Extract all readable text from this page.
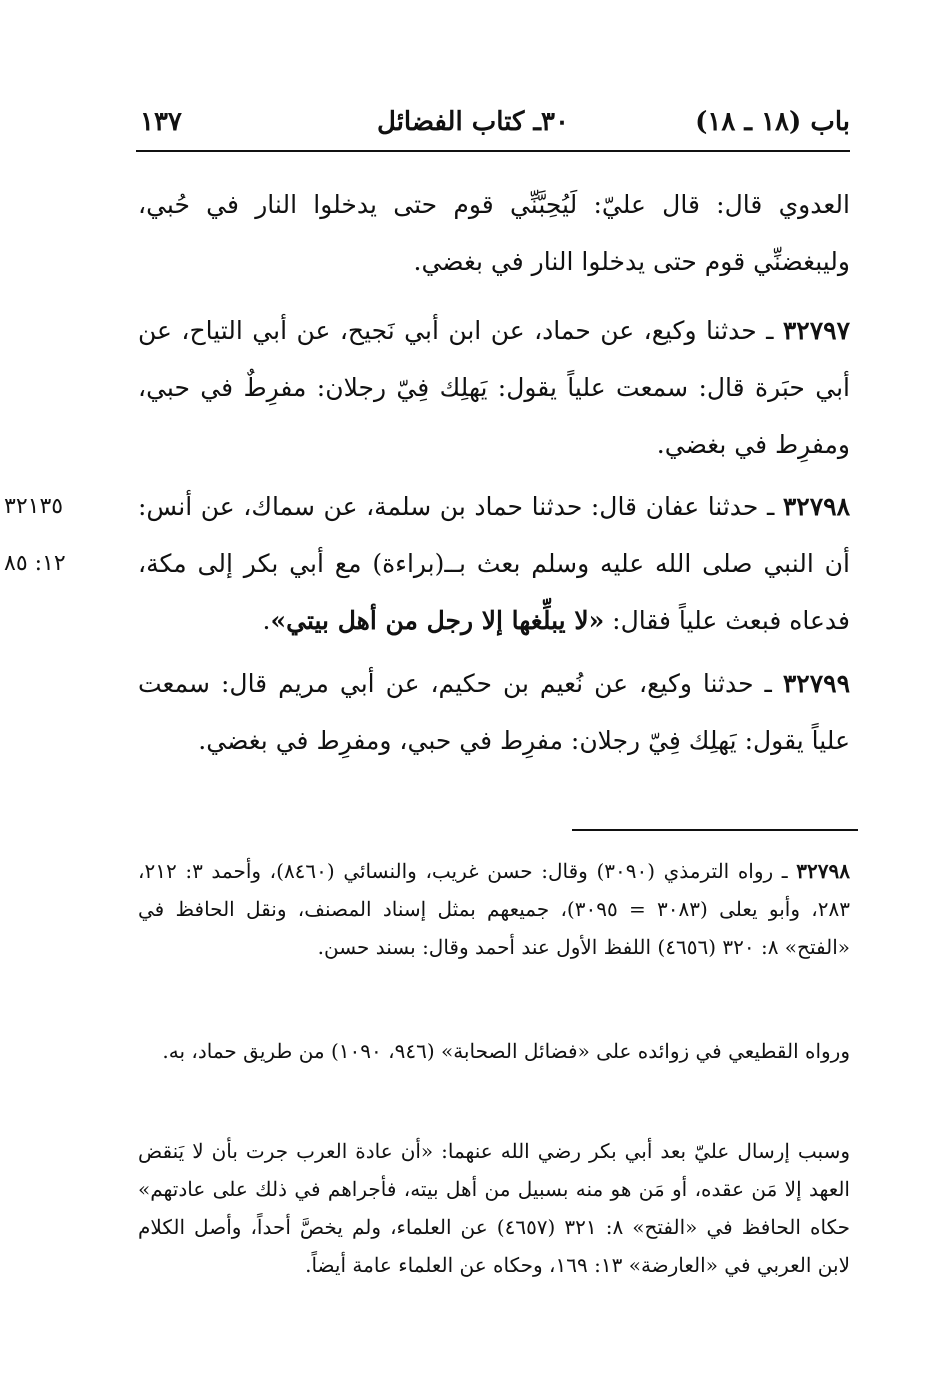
باب (١٨ ـ ١٨)
٣٠ـ كتاب الفضائل
١٣٧
العدوي قال: قال عليّ: لَيُحِبَّنِّي قوم حتى يدخلوا النار في حُبي، وليبغضنِّي قوم حتى يدخلوا النار في بغضي.
٣٢٧٩٧ ـ حدثنا وكيع، عن حماد، عن ابن أبي نَجيح، عن أبي التياح، عن أبي حبَرة قال: سمعت علياً يقول: يَهلِك فِيّ رجلان: مفرِطٌ في حبي، ومفرِط في بغضي.
٣٢٧٩٨ ـ حدثنا عفان قال: حدثنا حماد بن سلمة، عن سماك، عن أنس: أن النبي صلى الله عليه وسلم بعث بــ(براءة) مع أبي بكر إلى مكة، فدعاه فبعث علياً فقال: «لا يبلِّغها إلا رجل من أهل بيتي».
٣٢١٣٥
١٢: ٨٥
٣٢٧٩٩ ـ حدثنا وكيع، عن نُعيم بن حكيم، عن أبي مريم قال: سمعت علياً يقول: يَهلِك فِيّ رجلان: مفرِط في حبي، ومفرِط في بغضي.
٣٢٧٩٨ ـ رواه الترمذي (٣٠٩٠) وقال: حسن غريب، والنسائي (٨٤٦٠)، وأحمد ٣: ٢١٢، ٢٨٣، وأبو يعلى (٣٠٨٣ = ٣٠٩٥)، جميعهم بمثل إسناد المصنف، ونقل الحافظ في «الفتح» ٨: ٣٢٠ (٤٦٥٦) اللفظ الأول عند أحمد وقال: بسند حسن.
ورواه القطيعي في زوائده على «فضائل الصحابة» (٩٤٦، ١٠٩٠) من طريق حماد، به.
وسبب إرسال عليّ بعد أبي بكر رضي الله عنهما: «أن عادة العرب جرت بأن لا يَنقض العهد إلا مَن عقده، أو مَن هو منه بسبيل من أهل بيته، فأجراهم في ذلك على عادتهم» حكاه الحافظ في «الفتح» ٨: ٣٢١ (٤٦٥٧) عن العلماء، ولم يخصَّ أحداً، وأصل الكلام لابن العربي في «العارضة» ١٣: ١٦٩، وحكاه عن العلماء عامة أيضاً.
